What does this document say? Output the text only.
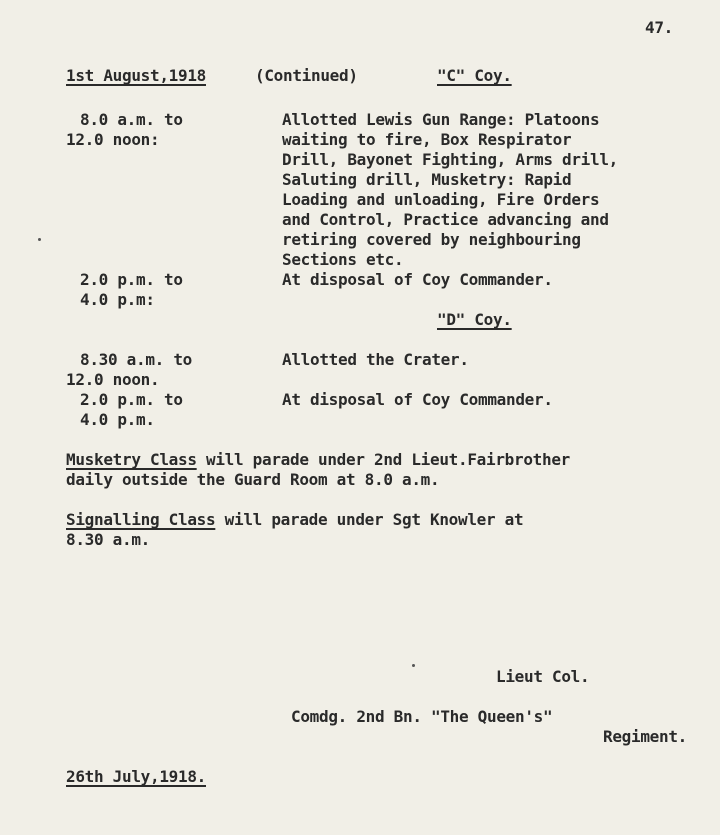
47.
1st August,1918	(Continued)	"C" Coy.
8.0 a.m. to
12.0 noon:
Allotted Lewis Gun Range: Platoons
waiting to fire, Box Respirator
Drill, Bayonet Fighting, Arms drill,
Saluting drill, Musketry: Rapid
Loading and unloading, Fire Orders
and Control, Practice advancing and
retiring covered by neighbouring
Sections etc.
2.0 p.m. to
4.0 p.m:
At disposal of Coy Commander.
"D" Coy.
8.30 a.m. to
12.0 noon.
Allotted the Crater.
2.0 p.m. to
4.0 p.m.
At disposal of Coy Commander.
Musketry Class will parade under 2nd Lieut.Fairbrother
daily outside the Guard Room at 8.0 a.m.
Signalling Class will parade under Sgt Knowler at
8.30 a.m.
Lieut Col.
Comdg. 2nd Bn. "The Queen's"
Regiment.
26th July,1918.
